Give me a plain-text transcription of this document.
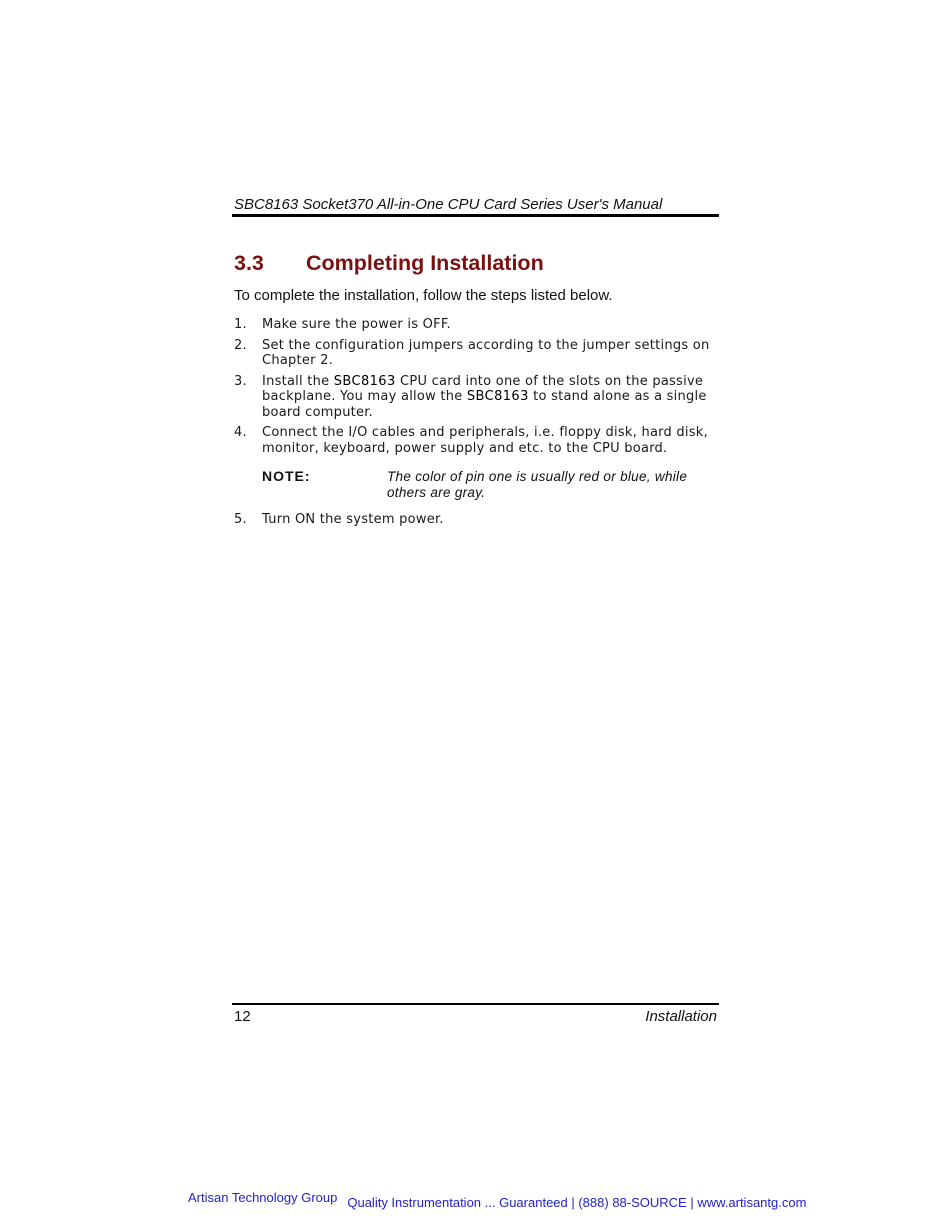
SBC8163 Socket370 All-in-One CPU Card Series User's Manual
3.3 Completing Installation
To complete the installation, follow the steps listed below.
1. Make sure the power is OFF.
2. Set the configuration jumpers according to the jumper settings on Chapter 2.
3. Install the SBC8163 CPU card into one of the slots on the passive backplane. You may allow the SBC8163 to stand alone as a single board computer.
4. Connect the I/O cables and peripherals, i.e. floppy disk, hard disk, monitor, keyboard, power supply and etc. to the CPU board.
NOTE:	The color of pin one is usually red or blue, while others are gray.
5. Turn ON the system power.
12	Installation
Artisan Technology Group Quality Instrumentation ... Guaranteed | (888) 88-SOURCE | www.artisantg.com
